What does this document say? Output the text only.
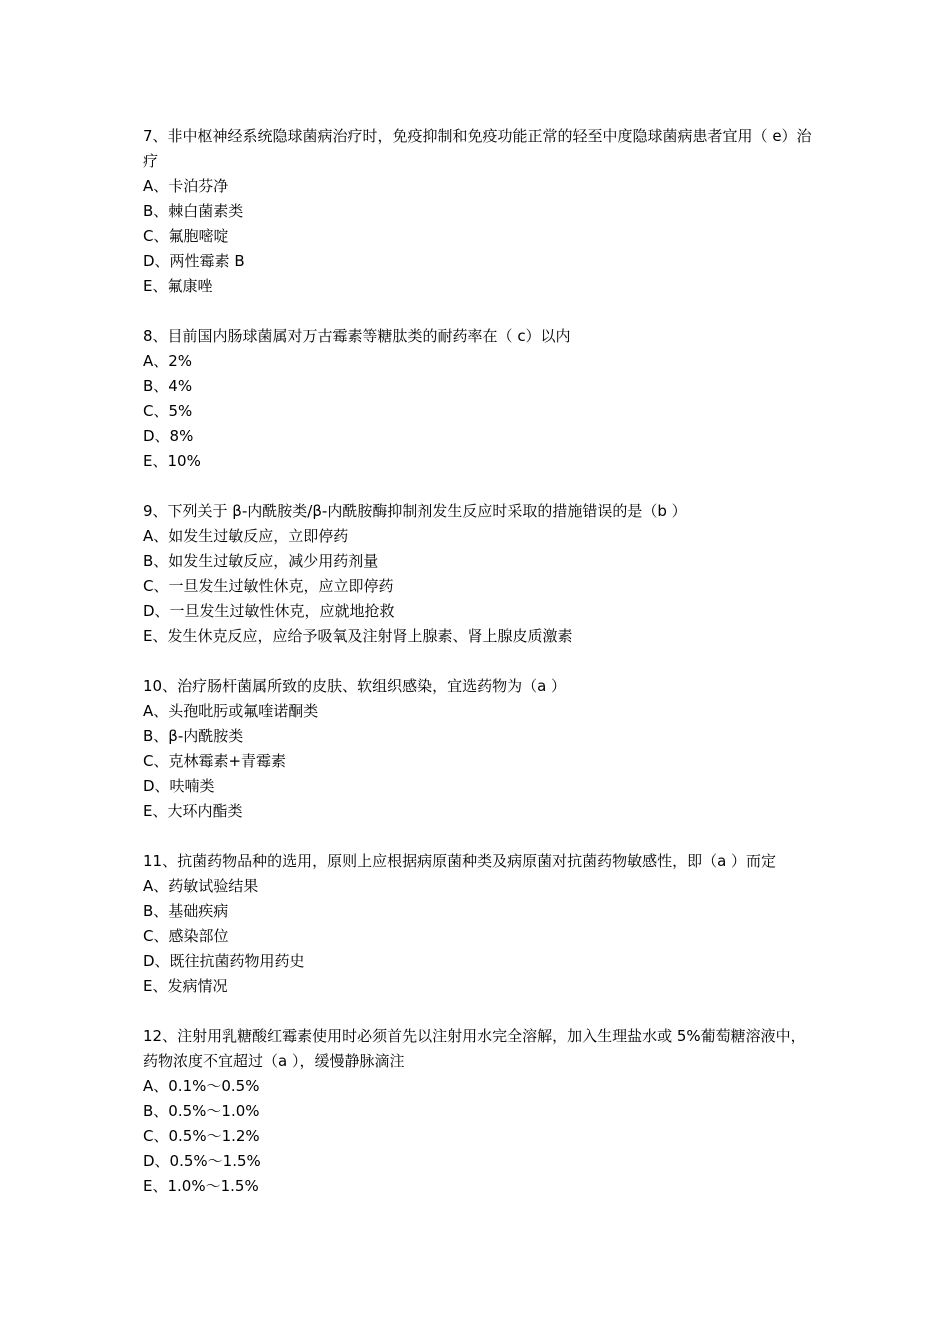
7、非中枢神经系统隐球菌病治疗时，免疫抑制和免疫功能正常的轻至中度隐球菌病患者宜用（ e）治疗

A、卡泊芬净

B、棘白菌素类

C、氟胞嘧啶

D、两性霉素 B

E、氟康唑

8、目前国内肠球菌属对万古霉素等糖肽类的耐药率在（ c）以内

A、2%

B、4%

C、5%

D、8%

E、10%

9、下列关于 β-内酰胺类/β-内酰胺酶抑制剂发生反应时采取的措施错误的是（b ）

A、如发生过敏反应，立即停药

B、如发生过敏反应，减少用药剂量

C、一旦发生过敏性休克，应立即停药

D、一旦发生过敏性休克，应就地抢救

E、发生休克反应，应给予吸氧及注射肾上腺素、肾上腺皮质激素

10、治疗肠杆菌属所致的皮肤、软组织感染，宜选药物为（a ）

A、头孢吡肟或氟喹诺酮类

B、β-内酰胺类

C、克林霉素+青霉素

D、呋喃类

E、大环内酯类

11、抗菌药物品种的选用，原则上应根据病原菌种类及病原菌对抗菌药物敏感性，即（a ）而定

A、药敏试验结果

B、基础疾病

C、感染部位

D、既往抗菌药物用药史

E、发病情况

12、注射用乳糖酸红霉素使用时必须首先以注射用水完全溶解，加入生理盐水或 5%葡萄糖溶液中，药物浓度不宜超过（a ），缓慢静脉滴注

A、0.1%～0.5%

B、0.5%～1.0%

C、0.5%～1.2%

D、0.5%～1.5%

E、1.0%～1.5%
